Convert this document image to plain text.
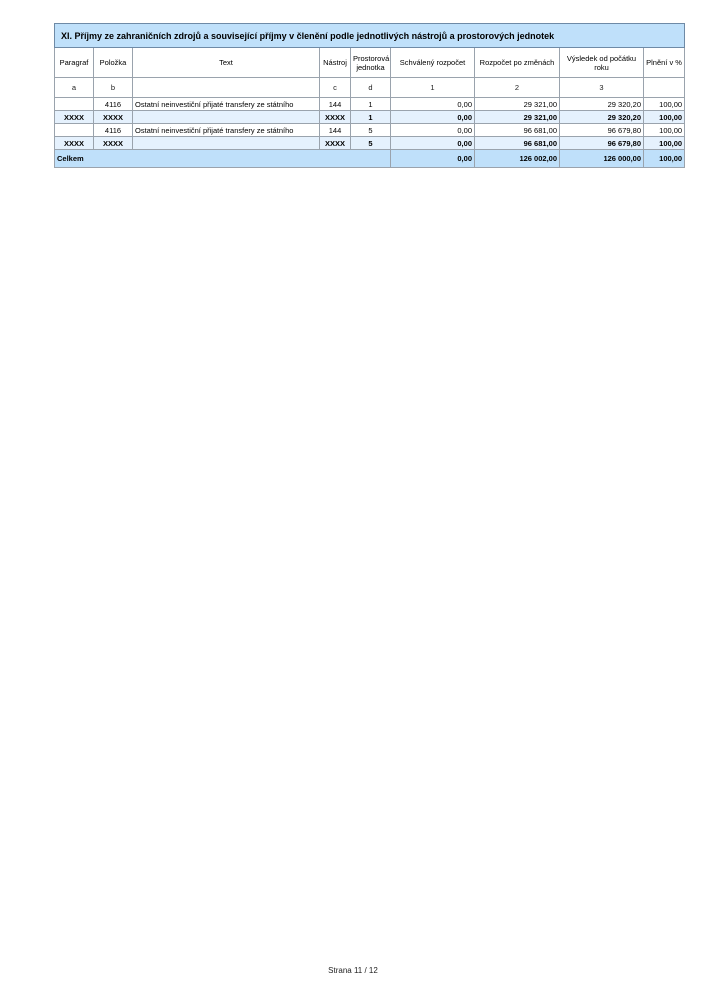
XI. Příjmy ze zahraničních zdrojů a související příjmy v členění podle jednotlivých nástrojů a prostorových jednotek								
Paragraf	Položka	Text	Nástroj	Prostorová jednotka	Schválený rozpočet	Rozpočet po změnách	Výsledek od počátku roku	Plnění v %
a	b		c	d	1	2	3	
	4116	Ostatní neinvestiční přijaté transfery ze státního	144	1	0,00	29 321,00	29 320,20	100,00
XXXX	XXXX		XXXX	1	0,00	29 321,00	29 320,20	100,00
	4116	Ostatní neinvestiční přijaté transfery ze státního	144	5	0,00	96 681,00	96 679,80	100,00
XXXX	XXXX		XXXX	5	0,00	96 681,00	96 679,80	100,00
Celkem					0,00	126 002,00	126 000,00	100,00
Strana 11 / 12
